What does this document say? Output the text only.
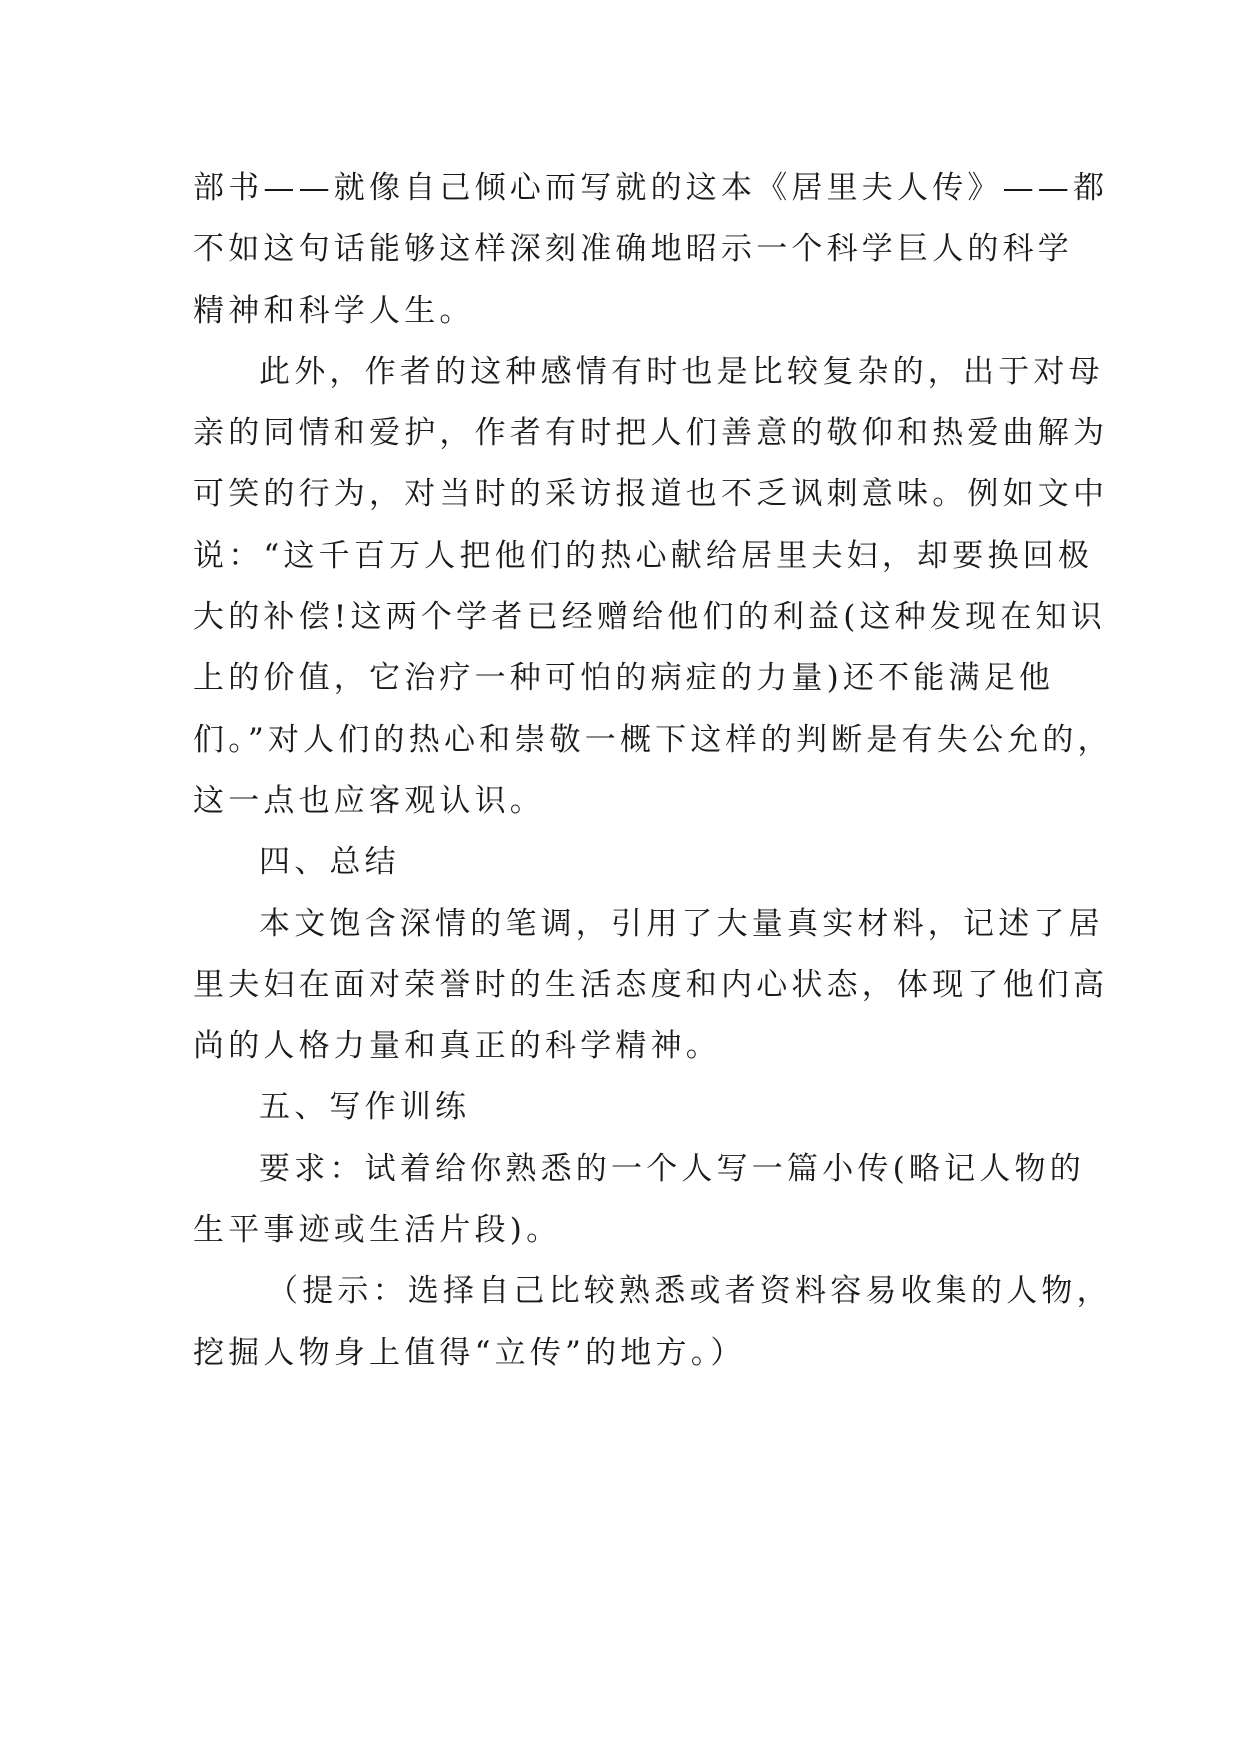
部书——就像自己倾心而写就的这本《居里夫人传》——都
不如这句话能够这样深刻准确地昭示一个科学巨人的科学
精神和科学人生。

此外，作者的这种感情有时也是比较复杂的，出于对母
亲的同情和爱护，作者有时把人们善意的敬仰和热爱曲解为
可笑的行为，对当时的采访报道也不乏讽刺意味。例如文中
说：“这千百万人把他们的热心献给居里夫妇，却要换回极
大的补偿!这两个学者已经赠给他们的利益(这种发现在知识
上的价值，它治疗一种可怕的病症的力量)还不能满足他
们。”对人们的热心和崇敬一概下这样的判断是有失公允的，
这一点也应客观认识。

四、总结

本文饱含深情的笔调，引用了大量真实材料，记述了居
里夫妇在面对荣誉时的生活态度和内心状态，体现了他们高
尚的人格力量和真正的科学精神。

五、写作训练

要求：试着给你熟悉的一个人写一篇小传(略记人物的
生平事迹或生活片段)。

（提示：选择自己比较熟悉或者资料容易收集的人物，
挖掘人物身上值得“立传”的地方。）
